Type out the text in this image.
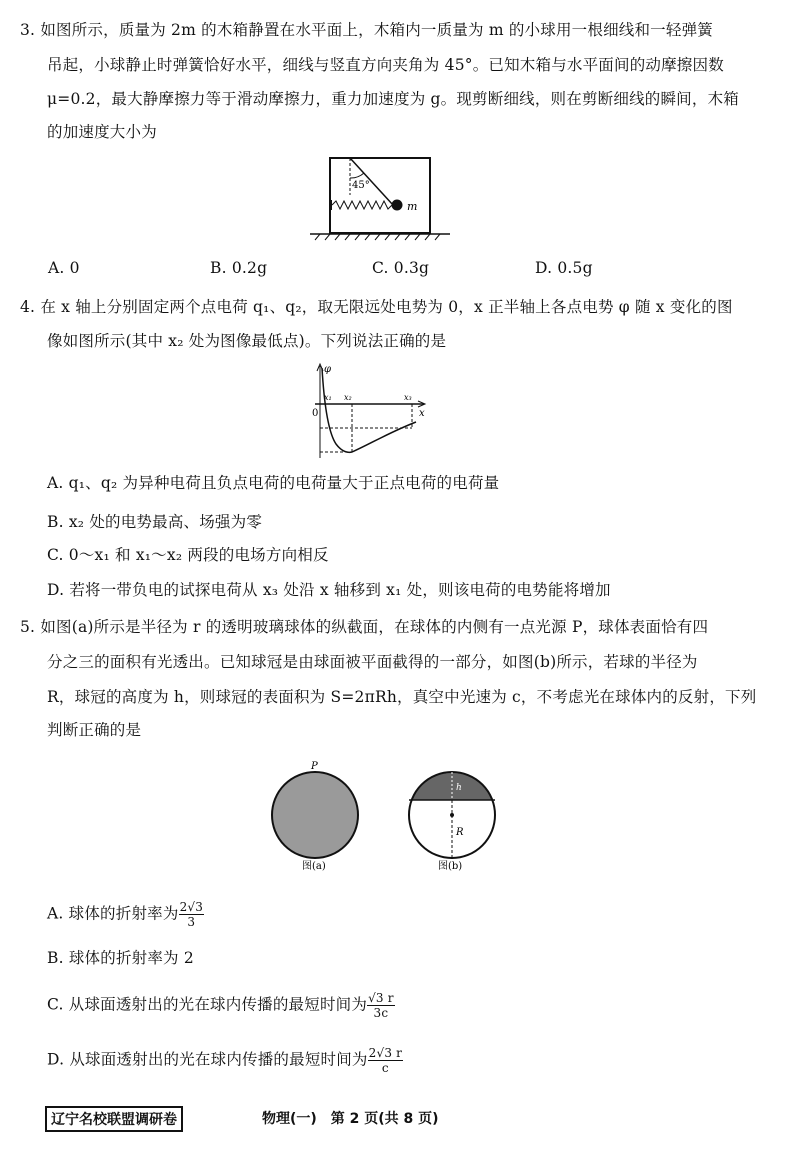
3. 如图所示，质量为 2m 的木箱静置在水平面上，木箱内一质量为 m 的小球用一根细线和一轻弹簧
吊起，小球静止时弹簧恰好水平，细线与竖直方向夹角为 45°。已知木箱与水平面间的动摩擦因数
μ=0.2，最大静摩擦力等于滑动摩擦力，重力加速度为 g。现剪断细线，则在剪断细线的瞬间，木箱
的加速度大小为
45°
m
A. 0	B. 0.2g	C. 0.3g	D. 0.5g
4. 在 x 轴上分别固定两个点电荷 q₁、q₂，取无限远处电势为 0，x 正半轴上各点电势 φ 随 x 变化的图
像如图所示(其中 x₂ 处为图像最低点)。下列说法正确的是
φ
x
0
x₁ x₂	x₃
A. q₁、q₂ 为异种电荷且负点电荷的电荷量大于正点电荷的电荷量
B. x₂ 处的电势最高、场强为零
C. 0～x₁ 和 x₁～x₂ 两段的电场方向相反
D. 若将一带负电的试探电荷从 x₃ 处沿 x 轴移到 x₁ 处，则该电荷的电势能将增加
5. 如图(a)所示是半径为 r 的透明玻璃球体的纵截面，在球体的内侧有一点光源 P，球体表面恰有四
分之三的面积有光透出。已知球冠是由球面被平面截得的一部分，如图(b)所示，若球的半径为
R，球冠的高度为 h，则球冠的表面积为 S=2πRh，真空中光速为 c，不考虑光在球体内的反射，下列
判断正确的是
P
图(a)
h
R
图(b)
A. 球体的折射率为 $\frac{2√3}{3}$
B. 球体的折射率为 2
C. 从球面透射出的光在球内传播的最短时间为 $\frac{√3 r}{3c}$
D. 从球面透射出的光在球内传播的最短时间为 $\frac{2√3 r}{c}$
辽宁名校联盟调研卷	物理(一)　第 2 页(共 8 页)
